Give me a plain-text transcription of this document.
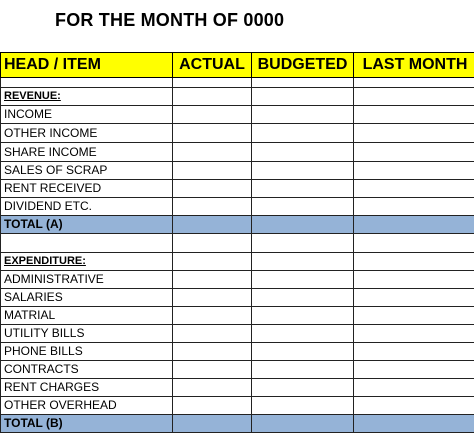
FOR THE MONTH OF 0000
HEAD / ITEM	ACTUAL	BUDGETED	LAST MONTH

REVENUE:			
INCOME			
OTHER INCOME			
SHARE INCOME			
SALES OF SCRAP			
RENT RECEIVED			
DIVIDEND ETC.			
TOTAL (A)			

EXPENDITURE:			
ADMINISTRATIVE			
SALARIES			
MATRIAL			
UTILITY BILLS			
PHONE BILLS			
CONTRACTS			
RENT CHARGES			
OTHER OVERHEAD			
TOTAL (B)			
